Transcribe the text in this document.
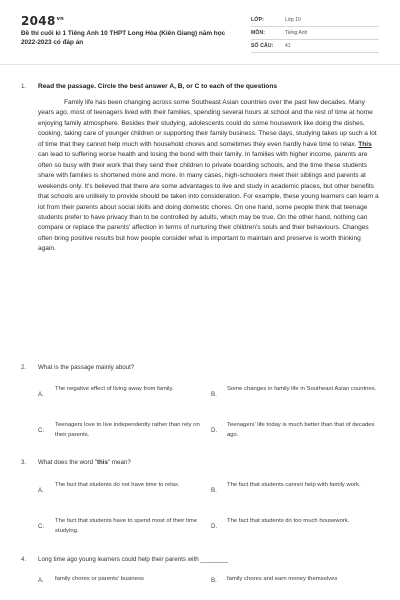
$2048^{vn}$
Đề thi cuối kì 1 Tiếng Anh 10 THPT Long Hòa (Kiên Giang) năm học 2022-2023 có đáp án
LỚP:	Lớp 10
MÔN:	Tiếng Anh
SỐ CÂU:	41
1. Read the passage. Circle the best answer A, B, or C to each of the questions

Family life has been changing across some Southeast Asian countries over the past few decades. Many years ago, most of teenagers lived with their families, spending several hours at school and the rest of time at home enjoying family atmosphere. Besides their studying, adolescents could do some housework like doing the dishes, cooking, taking care of younger children or supporting their family business. These days, studying takes up such a lot of time that they cannot help much with household chores and sometimes they even hardly have time to relax. This can lead to suffering worse health and losing the bond with their family. In families with higher income, parents are often so busy with their work that they send their children to private boarding schools, and the time these students share with families is shortened more and more. In many cases, high-schoolers meet their siblings and parents at weekends only. It's believed that there are some advantages to live and study in academic places, but other benefits that schools are unlikely to provide should be taken into consideration. For example, these young learners can learn a lot from their parents about social skills and doing domestic chores. On one hand, some people think that teenage students prefer to have privacy than to be controlled by adults, which may be true. On the other hand, nothing can compare or replace the parents' affection in terms of nurturing their children's souls and their behaviours. Changes often bring positive results but how people consider what is important to maintain and preserve is worth thinking again.

2. What is the passage mainly about?
A.
The negative effect of living away from family.
B.
Some changes in family life in Southeast Asian countries.
C.
Teenagers love to live independently rather than rely on their parents.
D.
Teenagers' life today is much better than that of decades ago.
3. What does the word "this" mean?
A.
The fact that students do not have time to relax.
B.
The fact that students cannot help with family work.
C.
The fact that students have to spend most of their time studying.
D.
The fact that students do too much housework.
4. Long time ago young learners could help their parents with ________
A. family chores or parents' business	B. family chores and earn money themselves
